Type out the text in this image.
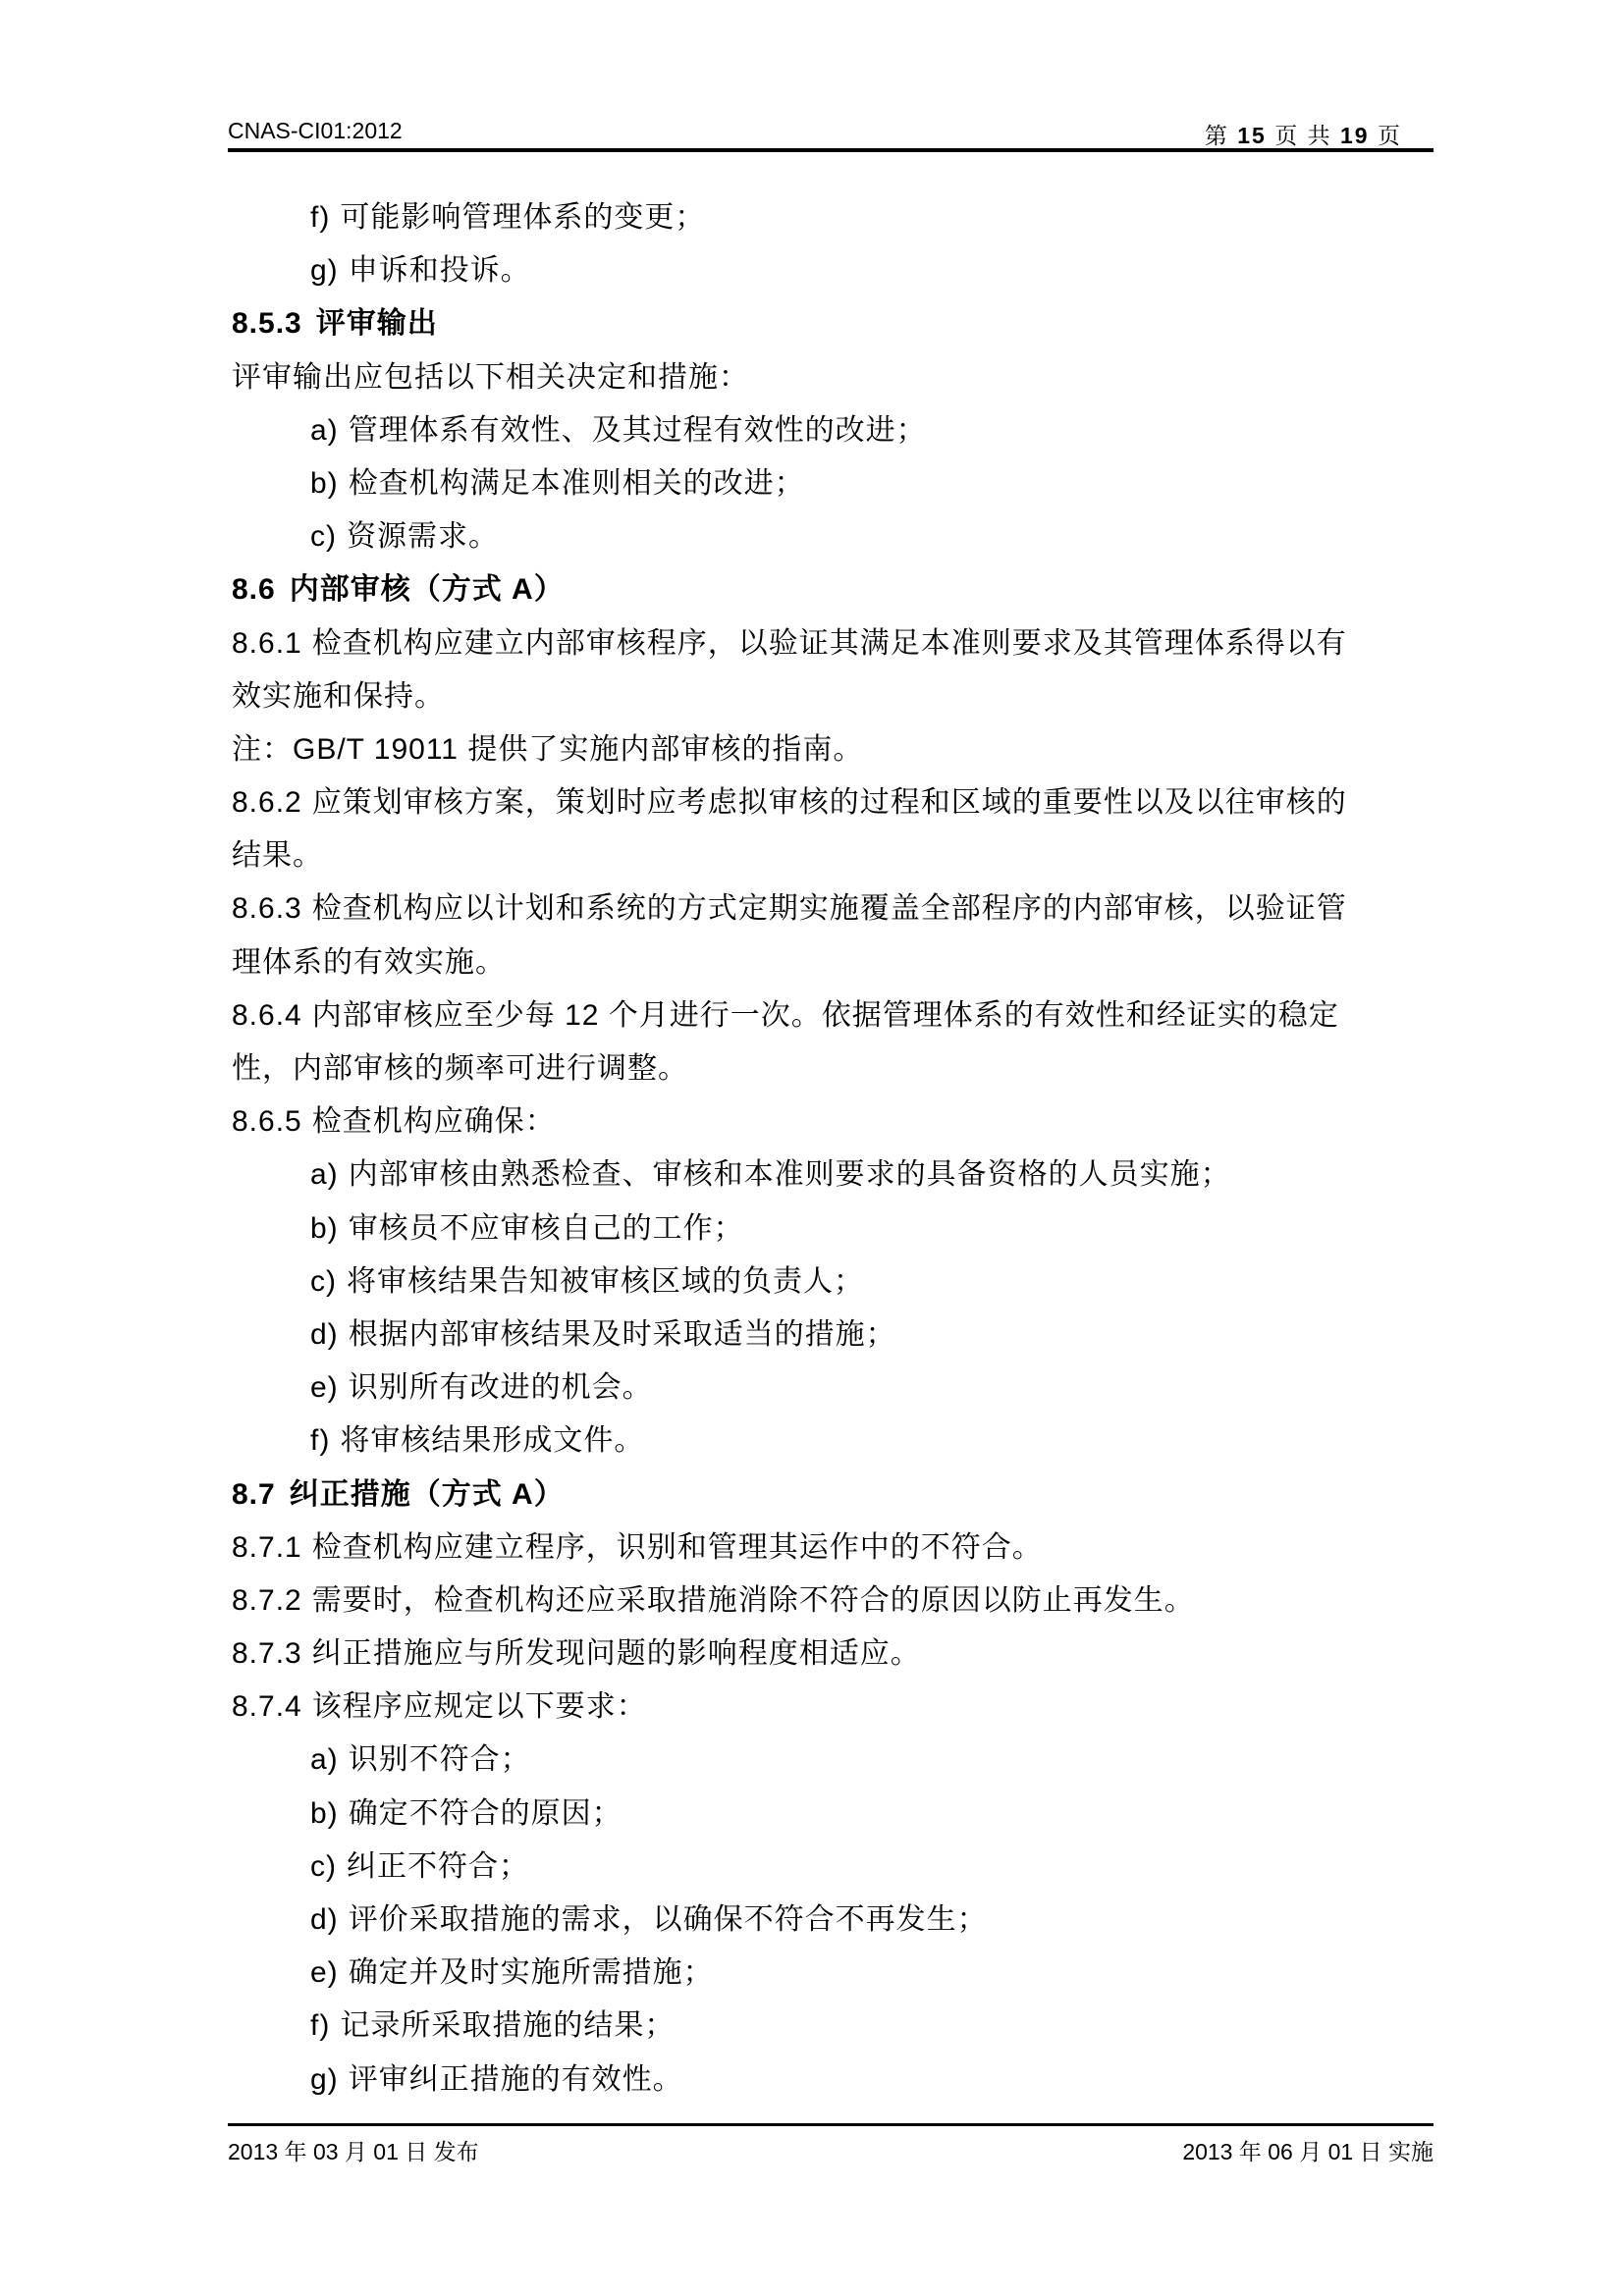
CNAS-CI01:2012	第 15 页 共 19 页
f) 可能影响管理体系的变更；
g) 申诉和投诉。
8.5.3 评审输出
评审输出应包括以下相关决定和措施：
a) 管理体系有效性、及其过程有效性的改进；
b) 检查机构满足本准则相关的改进；
c) 资源需求。
8.6 内部审核（方式 A）
8.6.1 检查机构应建立内部审核程序，以验证其满足本准则要求及其管理体系得以有
效实施和保持。
注：GB/T 19011 提供了实施内部审核的指南。
8.6.2 应策划审核方案，策划时应考虑拟审核的过程和区域的重要性以及以往审核的
结果。
8.6.3 检查机构应以计划和系统的方式定期实施覆盖全部程序的内部审核，以验证管
理体系的有效实施。
8.6.4 内部审核应至少每 12 个月进行一次。依据管理体系的有效性和经证实的稳定
性，内部审核的频率可进行调整。
8.6.5 检查机构应确保：
a) 内部审核由熟悉检查、审核和本准则要求的具备资格的人员实施；
b) 审核员不应审核自己的工作；
c) 将审核结果告知被审核区域的负责人；
d) 根据内部审核结果及时采取适当的措施；
e) 识别所有改进的机会。
f) 将审核结果形成文件。
8.7 纠正措施（方式 A）
8.7.1 检查机构应建立程序，识别和管理其运作中的不符合。
8.7.2 需要时，检查机构还应采取措施消除不符合的原因以防止再发生。
8.7.3 纠正措施应与所发现问题的影响程度相适应。
8.7.4 该程序应规定以下要求：
a) 识别不符合；
b) 确定不符合的原因；
c) 纠正不符合；
d) 评价采取措施的需求，以确保不符合不再发生；
e) 确定并及时实施所需措施；
f) 记录所采取措施的结果；
g) 评审纠正措施的有效性。
2013 年 03 月 01 日 发布	2013 年 06 月 01 日 实施
